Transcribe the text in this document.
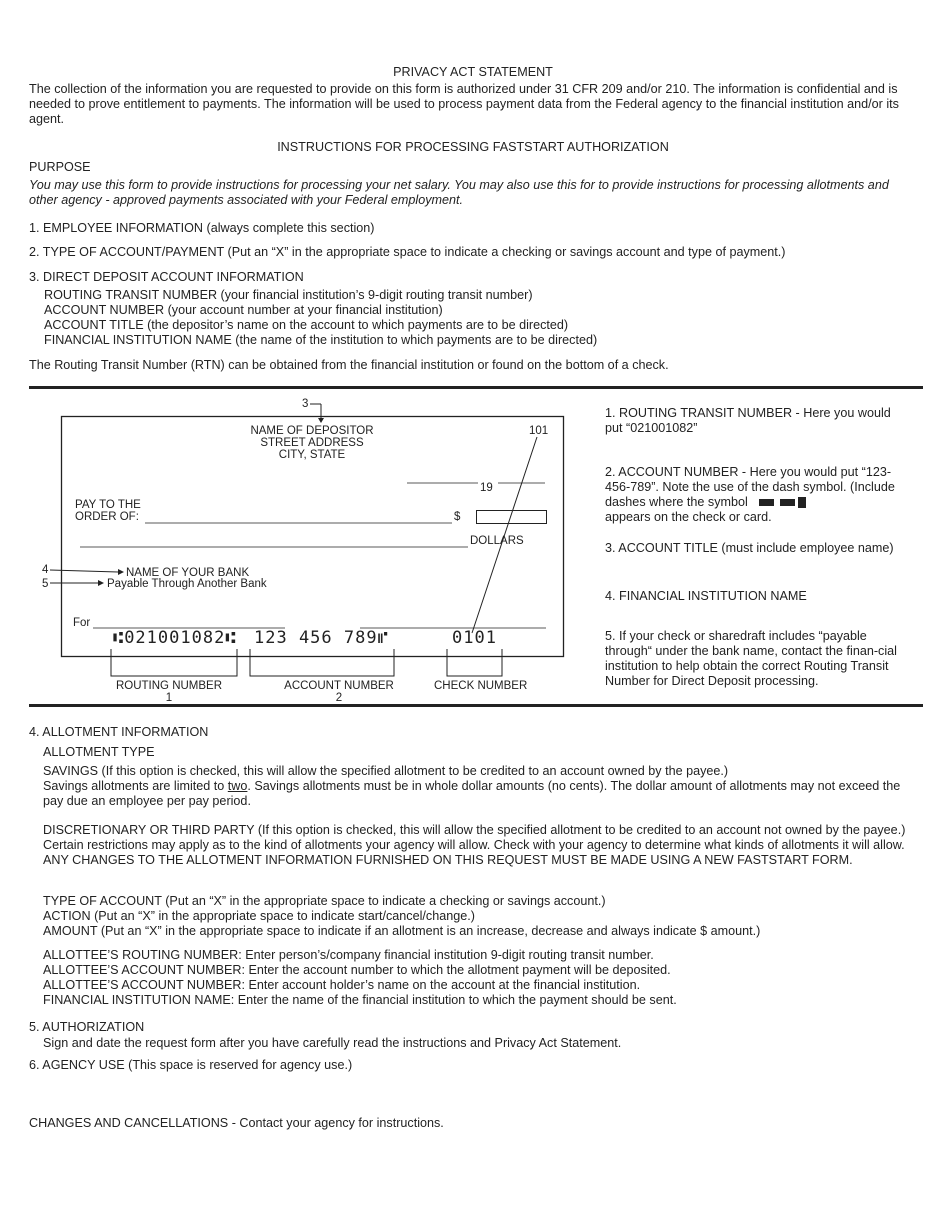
PRIVACY ACT STATEMENT
The collection of the information you are requested to provide on this form is authorized under 31 CFR 209 and/or 210. The information is confidential and is needed to prove entitlement to payments. The information will be used to process payment data from the Federal agency to the financial institution and/or its agent.
INSTRUCTIONS FOR PROCESSING FASTSTART AUTHORIZATION
PURPOSE
You may use this form to provide instructions for processing your net salary. You may also use this for to provide instructions for processing allotments and other agency - approved payments associated with your Federal employment.
1. EMPLOYEE INFORMATION (always complete this section)
2. TYPE OF ACCOUNT/PAYMENT (Put an “X” in the appropriate space to indicate a checking or savings account and type of payment.)
3. DIRECT DEPOSIT ACCOUNT INFORMATION
ROUTING TRANSIT NUMBER (your financial institution’s 9-digit routing transit number)
ACCOUNT NUMBER (your account number at your financial institution)
ACCOUNT TITLE (the depositor’s name on the account to which payments are to be directed)
FINANCIAL INSTITUTION NAME (the name of the institution to which payments are to be directed)
The Routing Transit Number (RTN) can be obtained from the financial institution or found on the bottom of a check.
3
NAME OF DEPOSITOR
STREET ADDRESS
CITY, STATE
101
19
PAY TO THE
ORDER OF:	$
DOLLARS
4	NAME OF YOUR BANK
5	Payable Through Another Bank
For
⑆021001082⑆ 123 456 789⑈	0101
ROUTING NUMBER
1
ACCOUNT NUMBER
2
CHECK NUMBER
1. ROUTING TRANSIT NUMBER - Here you would put “021001082”
2. ACCOUNT NUMBER - Here you would put “123-456-789”. Note the use of the dash symbol. (Include dashes where the symbol

appears on the check or card.
3. ACCOUNT TITLE (must include employee name)
4. FINANCIAL INSTITUTION NAME
5. If your check or sharedraft includes “payable through“ under the bank name, contact the finan-cial institution to help obtain the correct Routing Transit Number for Direct Deposit processing.
4. ALLOTMENT INFORMATION
ALLOTMENT TYPE
SAVINGS (If this option is checked, this will allow the specified allotment to be credited to an account owned by the payee.)
Savings allotments are limited to two. Savings allotments must be in whole dollar amounts (no cents). The dollar amount of allotments may not exceed the pay due an employee per pay period.
DISCRETIONARY OR THIRD PARTY (If this option is checked, this will allow the specified allotment to be credited to an account not owned by the payee.) Certain restrictions may apply as to the kind of allotments your agency will allow. Check with your agency to determine what kinds of allotments it will allow. ANY CHANGES TO THE ALLOTMENT INFORMATION FURNISHED ON THIS REQUEST MUST BE MADE USING A NEW FASTSTART FORM.
TYPE OF ACCOUNT (Put an “X” in the appropriate space to indicate a checking or savings account.)
ACTION (Put an “X” in the appropriate space to indicate start/cancel/change.)
AMOUNT (Put an “X” in the appropriate space to indicate if an allotment is an increase, decrease and always indicate $ amount.)
ALLOTTEE’S ROUTING NUMBER: Enter person’s/company financial institution 9-digit routing transit number.
ALLOTTEE’S ACCOUNT NUMBER: Enter the account number to which the allotment payment will be deposited.
ALLOTTEE’S ACCOUNT NUMBER: Enter account holder’s name on the account at the financial institution.
FINANCIAL INSTITUTION NAME: Enter the name of the financial institution to which the payment should be sent.
5. AUTHORIZATION
Sign and date the request form after you have carefully read the instructions and Privacy Act Statement.
6. AGENCY USE (This space is reserved for agency use.)
CHANGES AND CANCELLATIONS - Contact your agency for instructions.
